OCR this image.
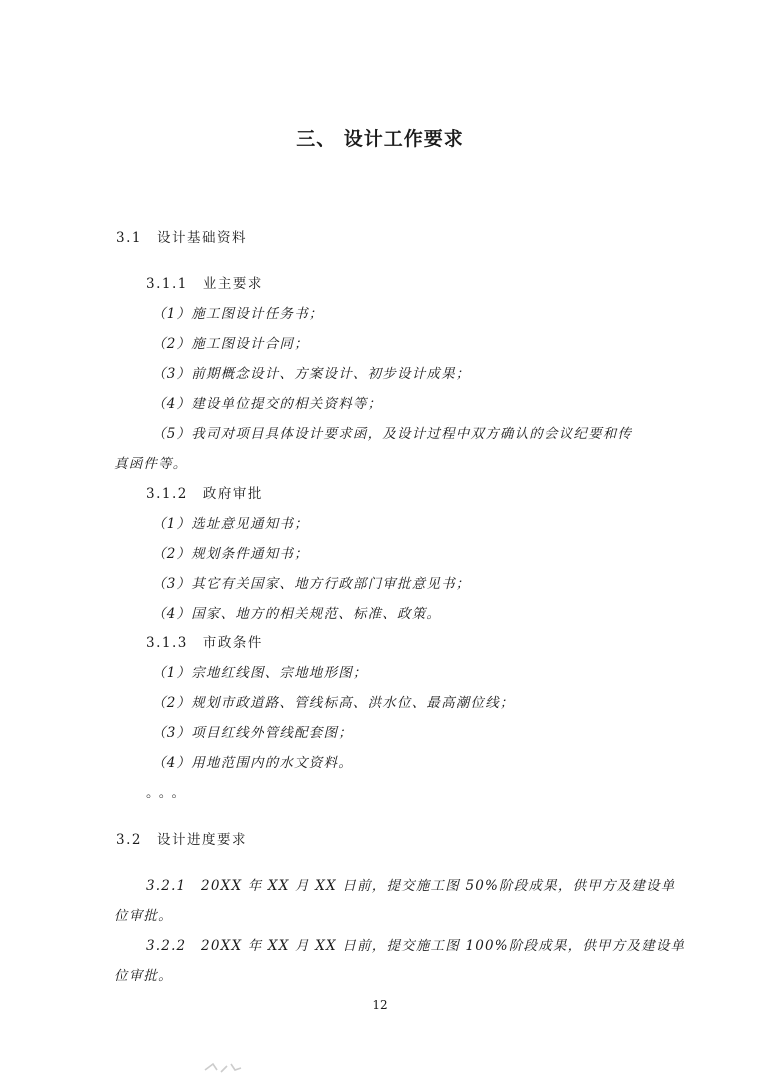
三、 设计工作要求
3.1　设计基础资料
3.1.1　业主要求
（1）施工图设计任务书；
（2）施工图设计合同；
（3）前期概念设计、方案设计、初步设计成果；
（4）建设单位提交的相关资料等；
（5）我司对项目具体设计要求函，及设计过程中双方确认的会议纪要和传
真函件等。
3.1.2　政府审批
（1）选址意见通知书；
（2）规划条件通知书；
（3）其它有关国家、地方行政部门审批意见书；
（4）国家、地方的相关规范、标准、政策。
3.1.3　市政条件
（1）宗地红线图、宗地地形图；
（2）规划市政道路、管线标高、洪水位、最高潮位线；
（3）项目红线外管线配套图；
（4）用地范围内的水文资料。
。。。
3.2　设计进度要求
3.2.1　20XX 年 XX 月 XX 日前，提交施工图 50%阶段成果，供甲方及建设单
位审批。
3.2.2　20XX 年 XX 月 XX 日前，提交施工图 100%阶段成果，供甲方及建设单
位审批。
12
